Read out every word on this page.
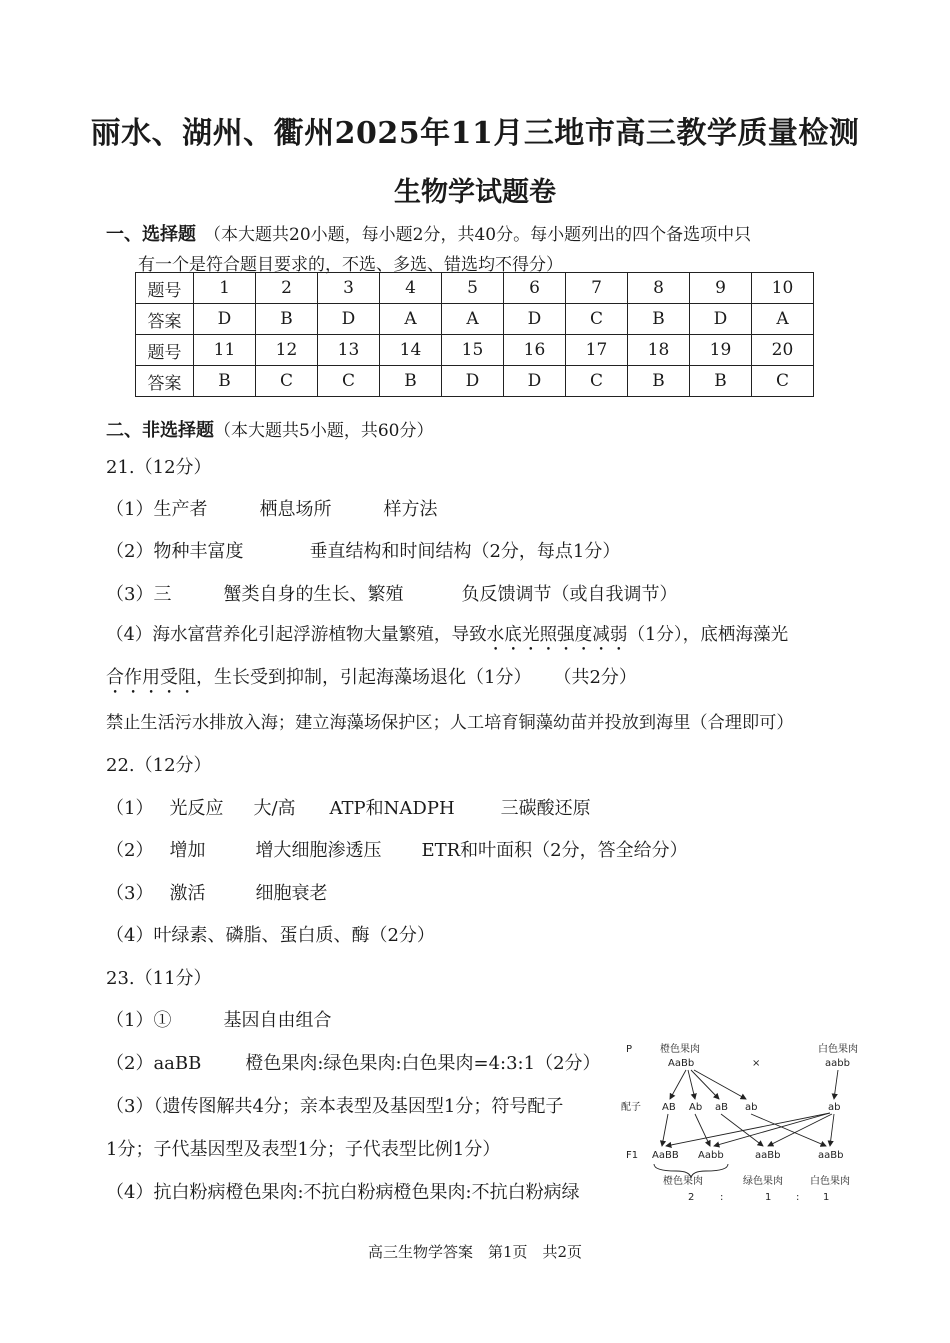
丽水、湖州、衢州2025年11月三地市高三教学质量检测
生物学试题卷
一、选择题 （本大题共20小题，每小题2分，共40分。每小题列出的四个备选项中只
有一个是符合题目要求的，不选、多选、错选均不得分）
题号	1	2	3	4	5	6	7	8	9	10
答案	D	B	D	A	A	D	C	B	D	A
题号	11	12	13	14	15	16	17	18	19	20
答案	B	C	C	B	D	D	C	B	B	C
二、非选择题（本大题共5小题，共60分）
21.（12分）
（1）生产者	栖息场所	样方法
（2）物种丰富度	垂直结构和时间结构（2分，每点1分）
（3）三	蟹类自身的生长、繁殖	负反馈调节（或自我调节）
（4）海水富营养化引起浮游植物大量繁殖，导致水底光照强度减弱（1分），底栖海藻光
合作用受阻，生长受到抑制，引起海藻场退化（1分） （共2分）
禁止生活污水排放入海；建立海藻场保护区；人工培育铜藻幼苗并投放到海里（合理即可）
22.（12分）
（1） 光反应 大/高 ATP和NADPH	三碳酸还原
（2） 增加	增大细胞渗透压 ETR和叶面积（2分，答全给分）
（3） 激活	细胞衰老
（4）叶绿素、磷脂、蛋白质、酶（2分）
23.（11分）
（1）①	基因自由组合
（2）aaBB 橙色果肉:绿色果肉:白色果肉=4:3:1（2分）
（3）（遗传图解共4分；亲本表型及基因型1分；符号配子
1分；子代基因型及表型1分；子代表型比例1分）
（4）抗白粉病橙色果肉:不抗白粉病橙色果肉:不抗白粉病绿
P	橙色果肉
AaBb	×
白色果肉
aabb
配子 AB Ab aB ab	ab
F1 AaBB Aabb	aaBb	aaBb
橙色果肉	绿色果肉	白色果肉
2	:	1 : 1
高三生物学答案　第1页　共2页
